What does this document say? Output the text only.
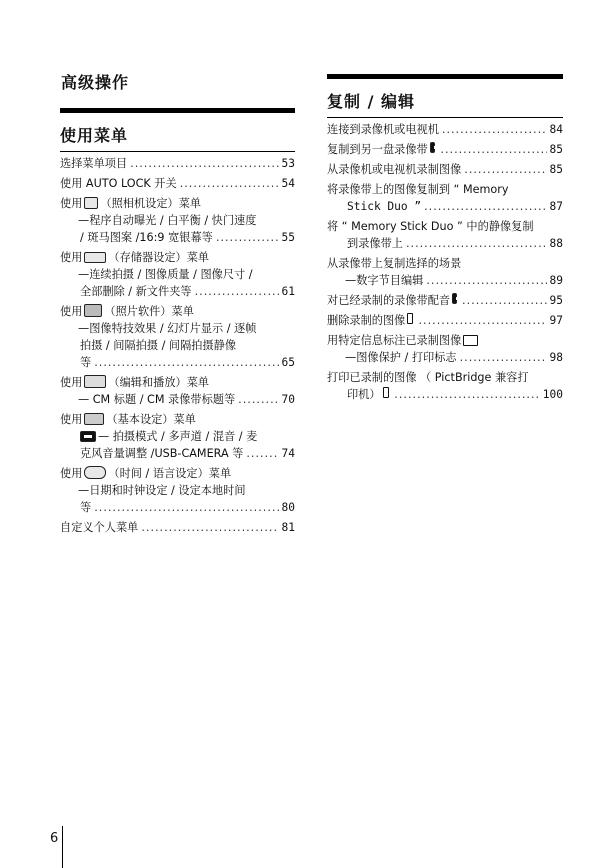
高级操作
使用菜单
选择菜单项目 .....	53
使用 AUTO LOCK 开关 .....	54
使用 （照相机设定）菜单
—程序自动曝光 / 白平衡 / 快门速度
/ 斑马图案 /16:9 宽银幕等 .....	55
使用 （存储器设定）菜单
—连续拍摄 / 图像质量 / 图像尺寸 /
全部删除 / 新文件夹等 .....	61
使用 （照片软件）菜单
—图像特技效果 / 幻灯片显示 / 逐帧
拍摄 / 间隔拍摄 / 间隔拍摄静像
等 .....	65
使用 （编辑和播放）菜单
— CM 标题 / CM 录像带标题等 .....	70
使用 （基本设定）菜单
— 拍摄模式 / 多声道 / 混音 / 麦
克风音量调整 /USB-CAMERA 等 .....	74
使用 （时间 / 语言设定）菜单
—日期和时钟设定 / 设定本地时间
等 .....	80
自定义个人菜单 .....	81
复制 / 编辑
连接到录像机或电视机 .....	84
复制到另一盘录像带 .....	85
从录像机或电视机录制图像 .....	85
将录像带上的图像复制到 “ Memory
Stick Duo ” .....	87
将 “ Memory Stick Duo ” 中的静像复制
到录像带上 .....	88
从录像带上复制选择的场景
—数字节目编辑 .....	89
对已经录制的录像带配音 .....	95
删除录制的图像 .....	97
用特定信息标注已录制图像
—图像保护 / 打印标志 .....	98
打印已录制的图像 （ PictBridge 兼容打
印机） .....	100
6
